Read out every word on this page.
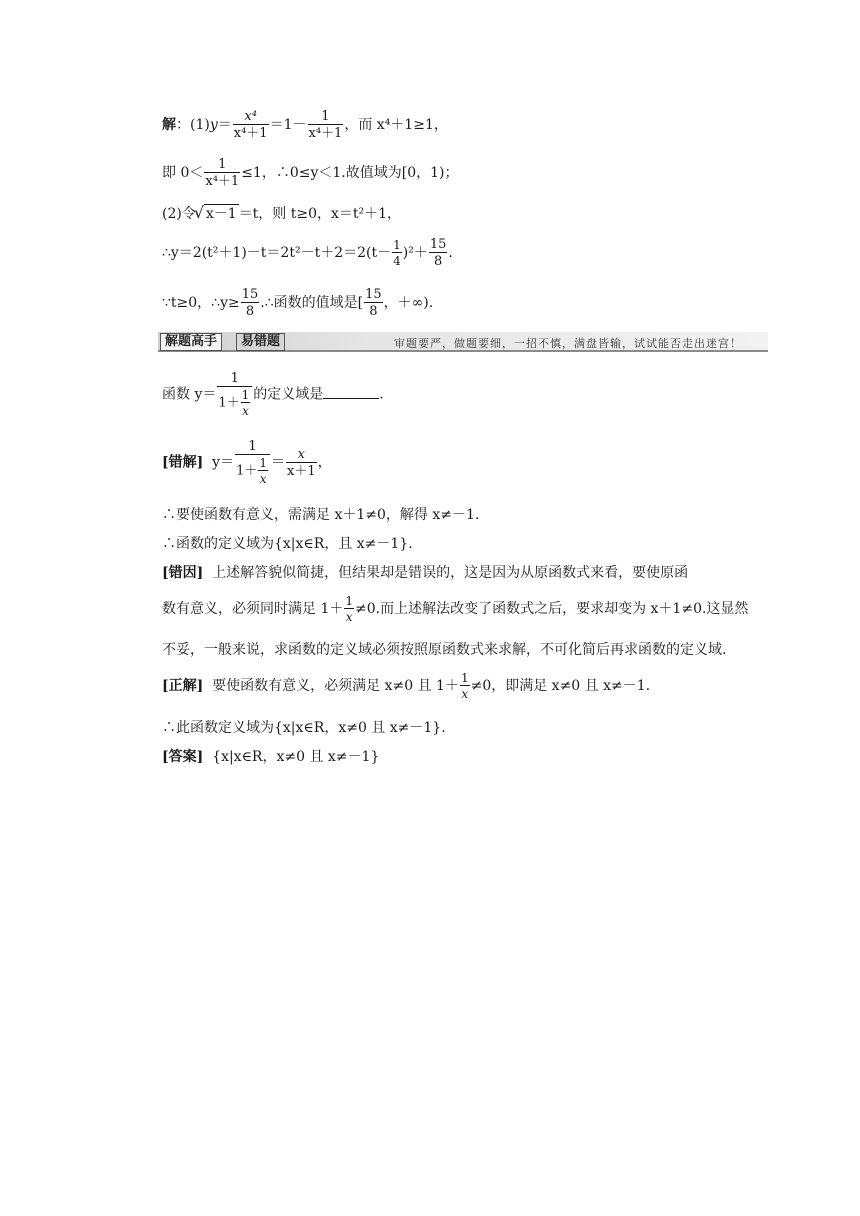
解：$(1)y= \frac{\text{x⁴}}{\text{x⁴＋1}} =1- \frac{1}{\text{x⁴＋1}}$ ，而 x⁴＋1≥1，
即 $0< \frac{1}{\text{x⁴＋1}} \le 1$，∴0≤y＜1.故值域为[0，1)；
(2)令√ x－1 ＝t，则 t≥0，x＝t²＋1，
∴y＝2(t²＋1)－t＝2t²－t＋2＝2(t－ $\frac{1}{4} )^2+ \frac{15}{8}$ .
∵t≥0，∴y≥ $\frac{15}{8}$ .∴函数的值域是[ $\frac{15}{8}$ ，＋∞).
解题高手	易错题	审题要严，做题要细，一招不慎，满盘皆输，试试能否走出迷宫！
函数 $y= \frac{1}{1+ \frac{1}{x}}$ 的定义域是	.
[错解] $y= \frac{1}{1+ \frac{1}{x}} = \frac{x}{x+1}$ ，
∴要使函数有意义，需满足 x＋1≠0，解得 x≠－1.
∴函数的定义域为{x|x∈R，且 x≠－1}.
[错因] 上述解答貌似简捷，但结果却是错误的，这是因为从原函数式来看，要使原函
数有意义，必须同时满足 $1+ \frac{1}{x} \ne 0$.而上述解法改变了函数式之后，要求却变为 x＋1≠0.这显然
不妥，一般来说，求函数的定义域必须按照原函数式来求解，不可化简后再求函数的定义域.
[正解] 要使函数有意义，必须满足 x≠0 且 $1+ \frac{1}{x} \ne 0$，即满足 x≠0 且 x≠－1.
∴此函数定义域为{x|x∈R，x≠0 且 x≠－1}.
[答案] {x|x∈R，x≠0 且 x≠－1}
